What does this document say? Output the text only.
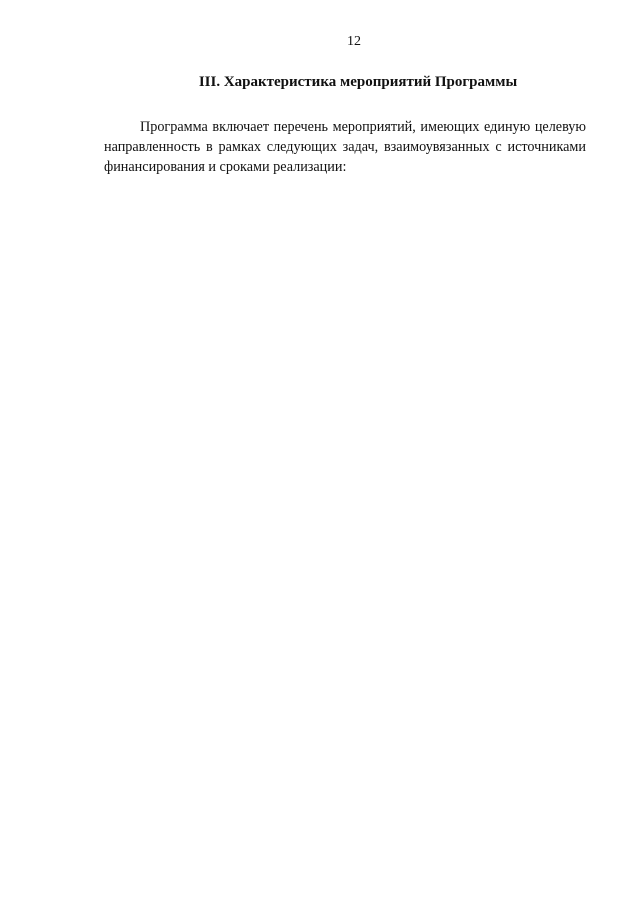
12
III. Характеристика мероприятий Программы

Программа включает перечень мероприятий, имеющих единую целевую направленность в рамках следующих задач, взаимоувязанных с источниками финансирования и сроками реализации:
